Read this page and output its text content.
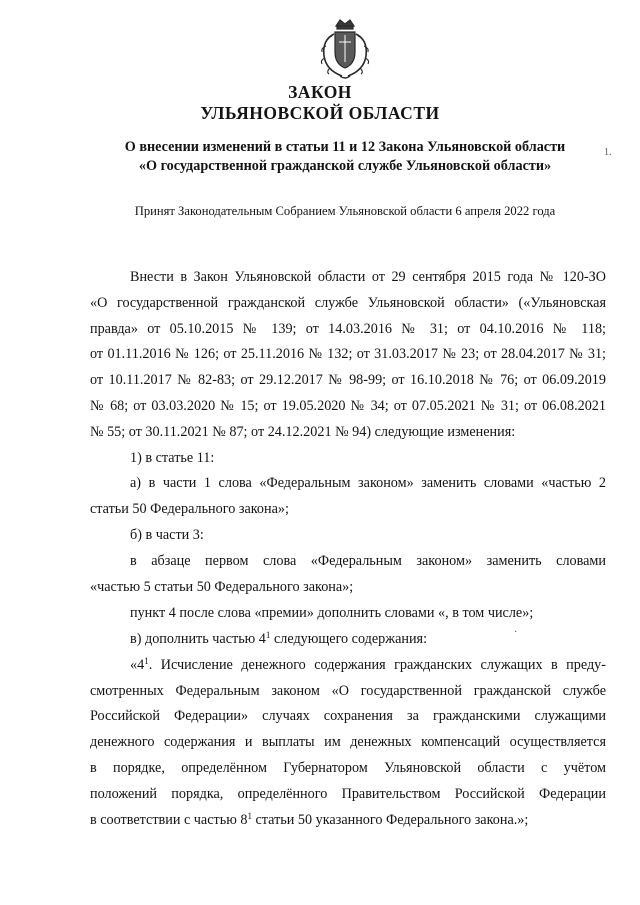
ЗАКОН
УЛЬЯНОВСКОЙ ОБЛАСТИ
О внесении изменений в статьи 11 и 12 Закона Ульяновской области
«О государственной гражданской службе Ульяновской области»
1.
Принят Законодательным Собранием Ульяновской области 6 апреля 2022 года
Внести в Закон Ульяновской области от 29 сентября 2015 года № 120-ЗО
«О государственной гражданской службе Ульяновской области» («Ульяновская
правда» от 05.10.2015 № 139; от 14.03.2016 № 31; от 04.10.2016 № 118;
от 01.11.2016 № 126; от 25.11.2016 № 132; от 31.03.2017 № 23; от 28.04.2017 № 31;
от 10.11.2017 № 82-83; от 29.12.2017 № 98-99; от 16.10.2018 № 76; от 06.09.2019
№ 68; от 03.03.2020 № 15; от 19.05.2020 № 34; от 07.05.2021 № 31; от 06.08.2021
№ 55; от 30.11.2021 № 87; от 24.12.2021 № 94) следующие изменения:
1) в статье 11:
а) в части 1 слова «Федеральным законом» заменить словами «частью 2
статьи 50 Федерального закона»;
б) в части 3:
в абзаце первом слова «Федеральным законом» заменить словами
«частью 5 статьи 50 Федерального закона»;
пункт 4 после слова «премии» дополнить словами «, в том числе»;
в) дополнить частью $4^1$ следующего содержания:	·
«$4^1$. Исчисление денежного содержания гражданских служащих в преду-
смотренных Федеральным законом «О государственной гражданской службе
Российской Федерации» случаях сохранения за гражданскими служащими
денежного содержания и выплаты им денежных компенсаций осуществляется
в порядке, определённом Губернатором Ульяновской области с учётом
положений порядка, определённого Правительством Российской Федерации
в соответствии с частью $8^1$ статьи 50 указанного Федерального закона.»;
